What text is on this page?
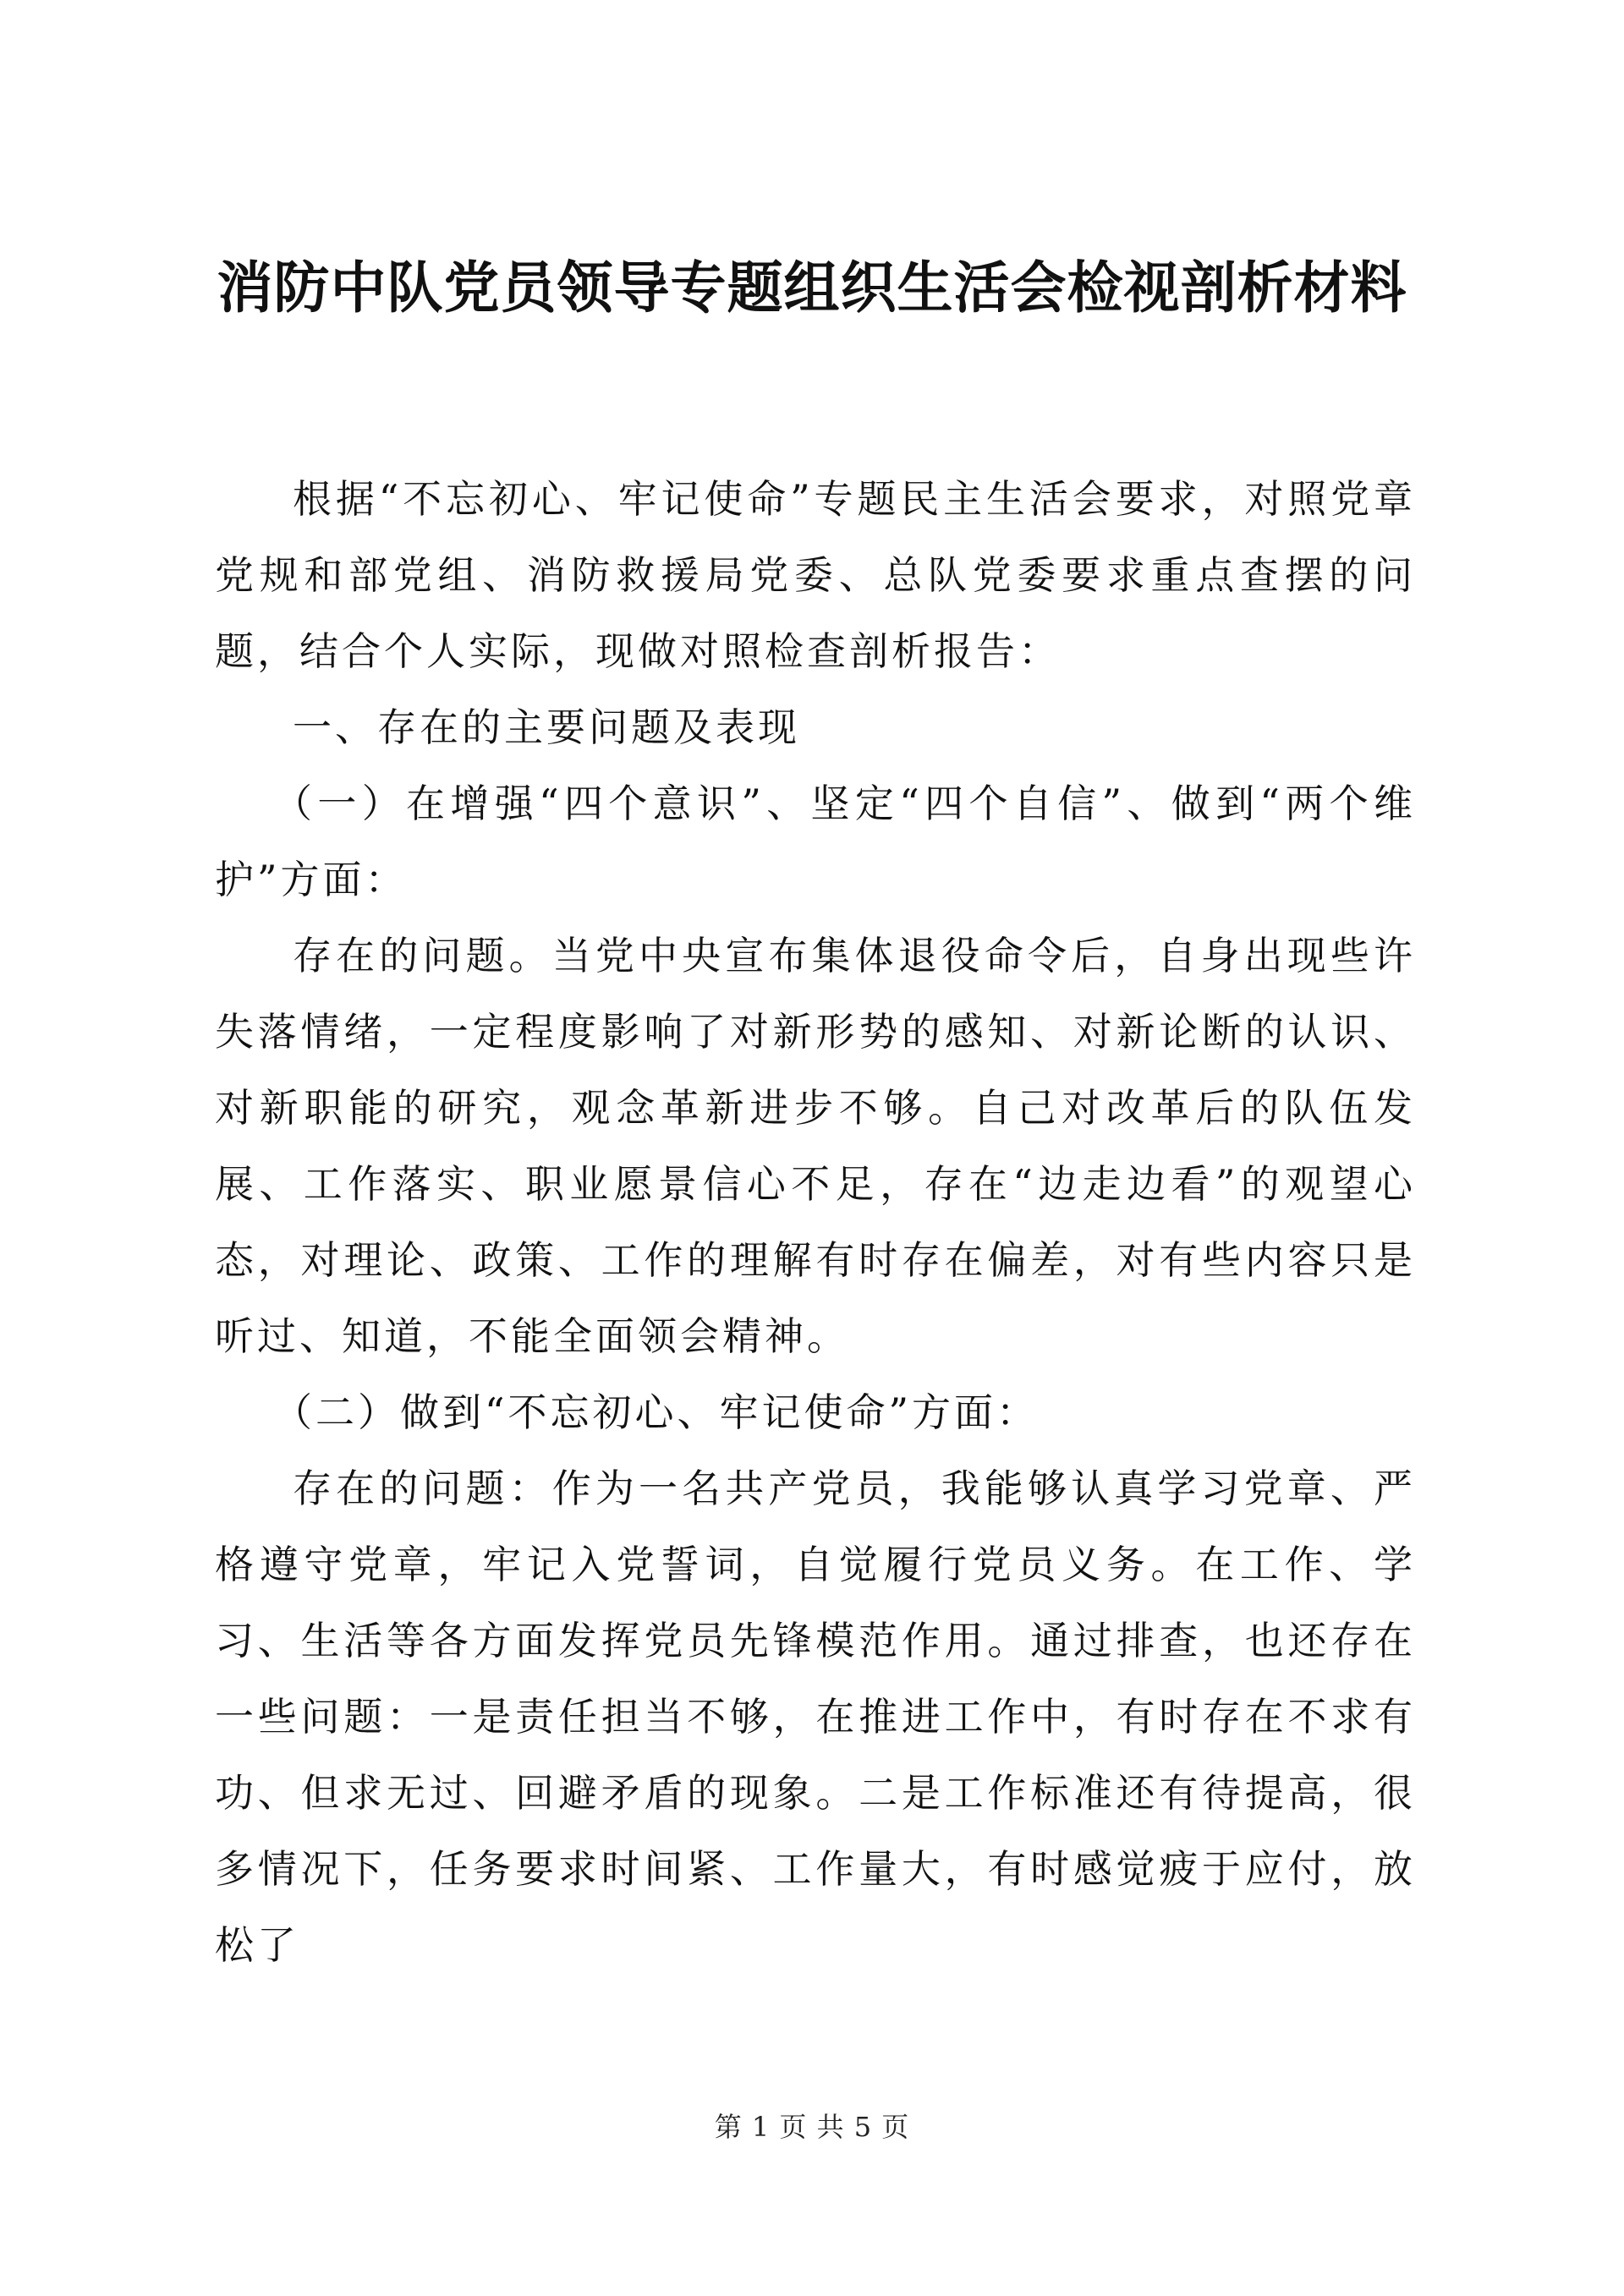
消防中队党员领导专题组织生活会检视剖析材料

根据“不忘初心、牢记使命”专题民主生活会要求，对照党章党规和部党组、消防救援局党委、总队党委要求重点查摆的问题，结合个人实际，现做对照检查剖析报告：

一、存在的主要问题及表现

（一）在增强“四个意识”、坚定“四个自信”、做到“两个维护”方面：

存在的问题。当党中央宣布集体退役命令后，自身出现些许失落情绪，一定程度影响了对新形势的感知、对新论断的认识、对新职能的研究，观念革新进步不够。自己对改革后的队伍发展、工作落实、职业愿景信心不足，存在“边走边看”的观望心态，对理论、政策、工作的理解有时存在偏差，对有些内容只是听过、知道，不能全面领会精神。

（二）做到“不忘初心、牢记使命”方面：

存在的问题：作为一名共产党员，我能够认真学习党章、严格遵守党章，牢记入党誓词，自觉履行党员义务。在工作、学习、生活等各方面发挥党员先锋模范作用。通过排查，也还存在一些问题：一是责任担当不够，在推进工作中，有时存在不求有功、但求无过、回避矛盾的现象。二是工作标准还有待提高，很多情况下，任务要求时间紧、工作量大，有时感觉疲于应付，放松了

第 1 页 共 5 页
